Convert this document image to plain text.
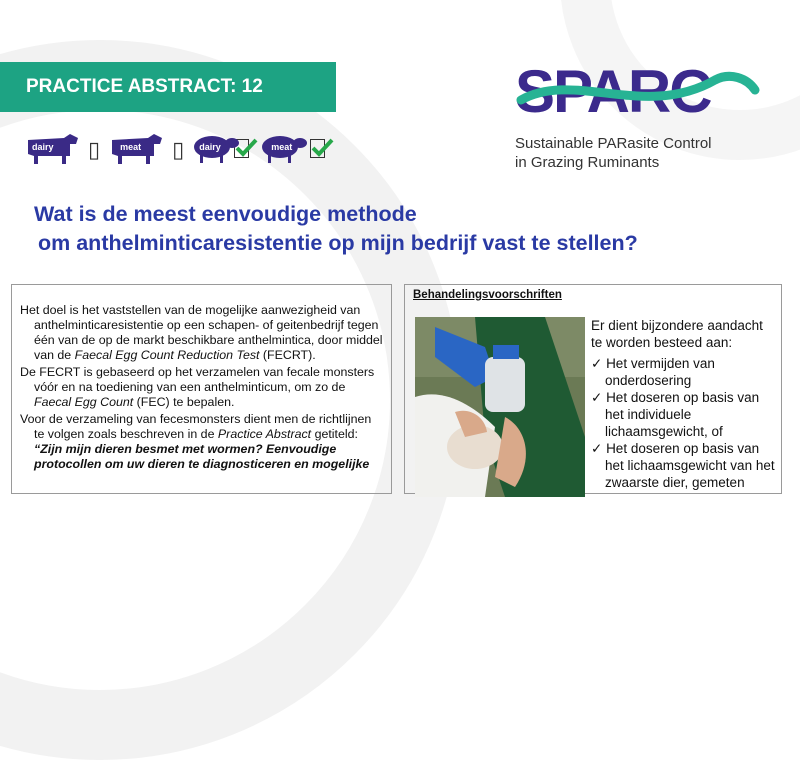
PRACTICE ABSTRACT: 12
dairy ▯ meat ▯ dairy	meat
SPARC
Sustainable PARasite Control
in Grazing Ruminants
Wat is de meest eenvoudige methode
om anthelminticaresistentie op mijn bedrijf vast te stellen?

Het doel is het vaststellen van de mogelijke aanwezigheid van anthelminticaresistentie op een schapen- of geitenbedrijf tegen één van de op de markt beschikbare anthelmintica, door middel van de Faecal Egg Count Reduction Test (FECRT).

De FECRT is gebaseerd op het verzamelen van fecale monsters vóór en na toediening van een anthelminticum, om zo de Faecal Egg Count (FEC) te bepalen.

Voor de verzameling van fecesmonsters dient men de richtlijnen te volgen zoals beschreven in de Practice Abstract getiteld:
“Zijn mijn dieren besmet met wormen? Eenvoudige protocollen om uw dieren te diagnosticeren en mogelijke

Behandelingsvoorschriften

Er dient bijzondere aandacht te worden besteed aan:

✓ Het vermijden van onderdosering
✓ Het doseren op basis van het individuele lichaamsgewicht, of
✓ Het doseren op basis van het lichaamsgewicht van het zwaarste dier, gemeten
